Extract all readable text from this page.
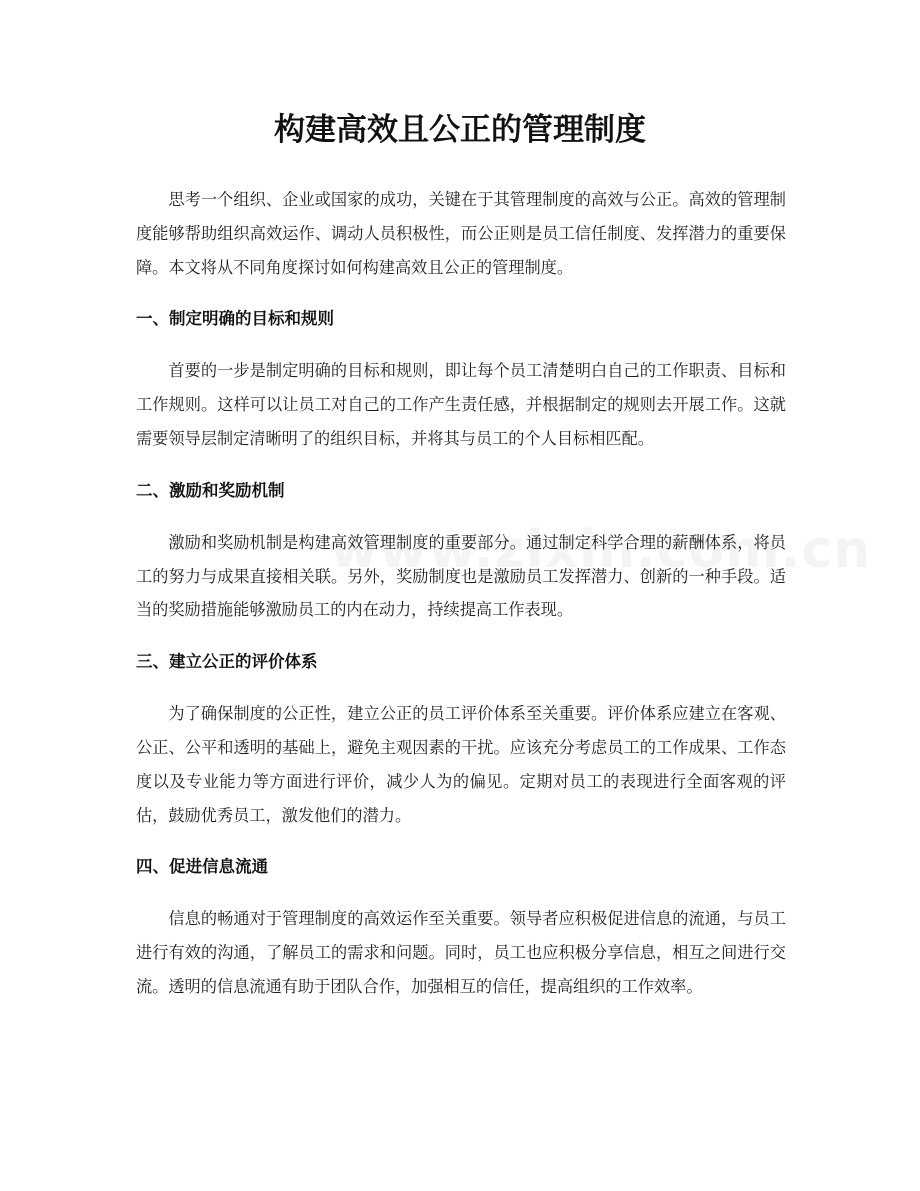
构建高效且公正的管理制度

思考一个组织、企业或国家的成功，关键在于其管理制度的高效与公正。高效的管理制度能够帮助组织高效运作、调动人员积极性，而公正则是员工信任制度、发挥潜力的重要保障。本文将从不同角度探讨如何构建高效且公正的管理制度。

一、制定明确的目标和规则

首要的一步是制定明确的目标和规则，即让每个员工清楚明白自己的工作职责、目标和工作规则。这样可以让员工对自己的工作产生责任感，并根据制定的规则去开展工作。这就需要领导层制定清晰明了的组织目标，并将其与员工的个人目标相匹配。

二、激励和奖励机制

激励和奖励机制是构建高效管理制度的重要部分。通过制定科学合理的薪酬体系，将员工的努力与成果直接相关联。另外，奖励制度也是激励员工发挥潜力、创新的一种手段。适当的奖励措施能够激励员工的内在动力，持续提高工作表现。

三、建立公正的评价体系

为了确保制度的公正性，建立公正的员工评价体系至关重要。评价体系应建立在客观、公正、公平和透明的基础上，避免主观因素的干扰。应该充分考虑员工的工作成果、工作态度以及专业能力等方面进行评价，减少人为的偏见。定期对员工的表现进行全面客观的评估，鼓励优秀员工，激发他们的潜力。

四、促进信息流通

信息的畅通对于管理制度的高效运作至关重要。领导者应积极促进信息的流通，与员工进行有效的沟通，了解员工的需求和问题。同时，员工也应积极分享信息，相互之间进行交流。透明的信息流通有助于团队合作，加强相互的信任，提高组织的工作效率。
